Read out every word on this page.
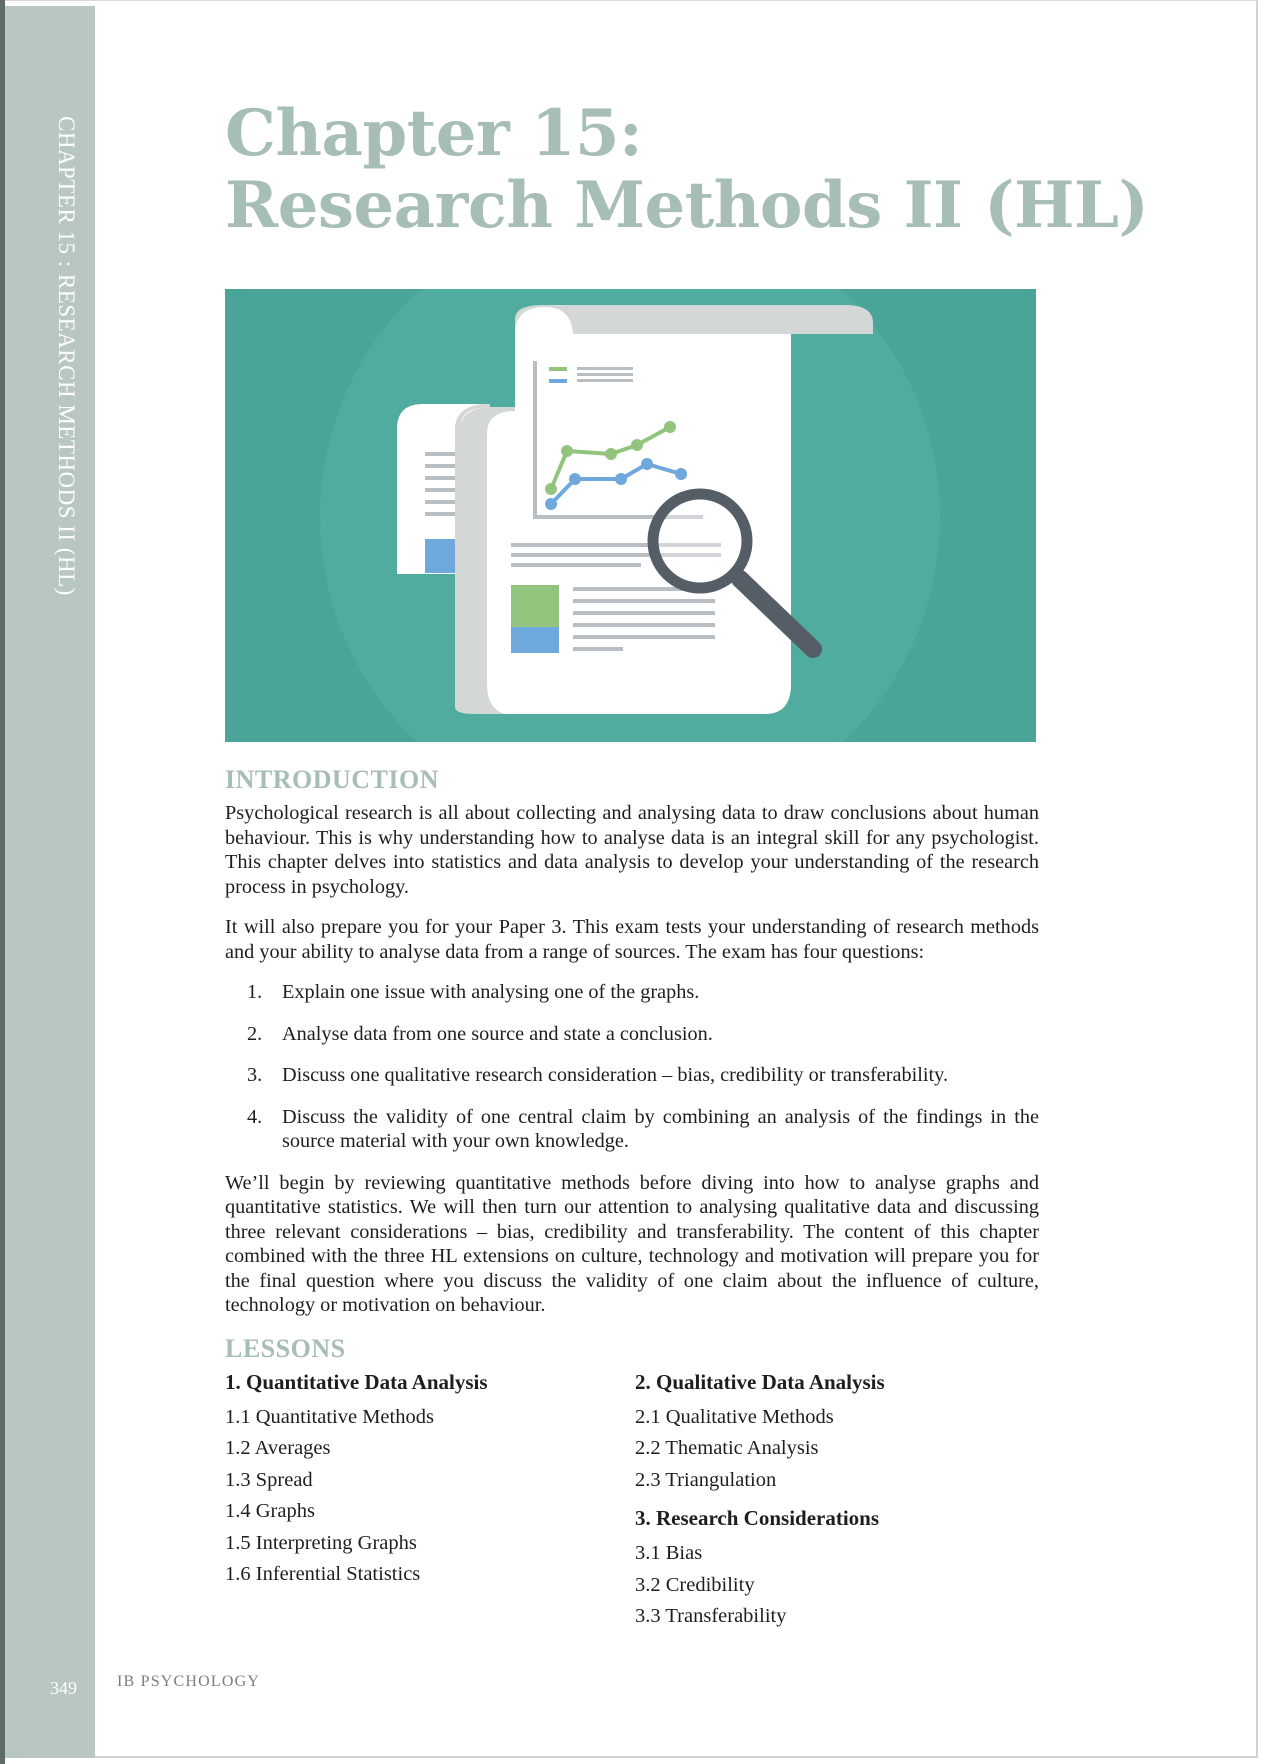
CHAPTER 15 : RESEARCH METHODS II (HL)
349	IB PSYCHOLOGY
Chapter 15:
Research Methods II (HL)
INTRODUCTION

Psychological research is all about collecting and analysing data to draw conclusions about human behaviour. This is why understanding how to analyse data is an integral skill for any psychologist. This chapter delves into statistics and data analysis to develop your understanding of the research process in psychology.

It will also prepare you for your Paper 3. This exam tests your understanding of research methods and your ability to analyse data from a range of sources. The exam has four questions:

1. Explain one issue with analysing one of the graphs.
2. Analyse data from one source and state a conclusion.
3. Discuss one qualitative research consideration – bias, credibility or transferability.
4. Discuss the validity of one central claim by combining an analysis of the findings in the source material with your own knowledge.

We’ll begin by reviewing quantitative methods before diving into how to analyse graphs and quantitative statistics. We will then turn our attention to analysing qualitative data and discussing three relevant considerations – bias, credibility and transferability. The content of this chapter combined with the three HL extensions on culture, technology and motivation will prepare you for the final question where you discuss the validity of one claim about the influence of culture, technology or motivation on behaviour.

LESSONS
1. Quantitative Data Analysis
1.1 Quantitative Methods
1.2 Averages
1.3 Spread
1.4 Graphs
1.5 Interpreting Graphs
1.6 Inferential Statistics
2. Qualitative Data Analysis
2.1 Qualitative Methods
2.2 Thematic Analysis
2.3 Triangulation
3. Research Considerations
3.1 Bias
3.2 Credibility
3.3 Transferability
